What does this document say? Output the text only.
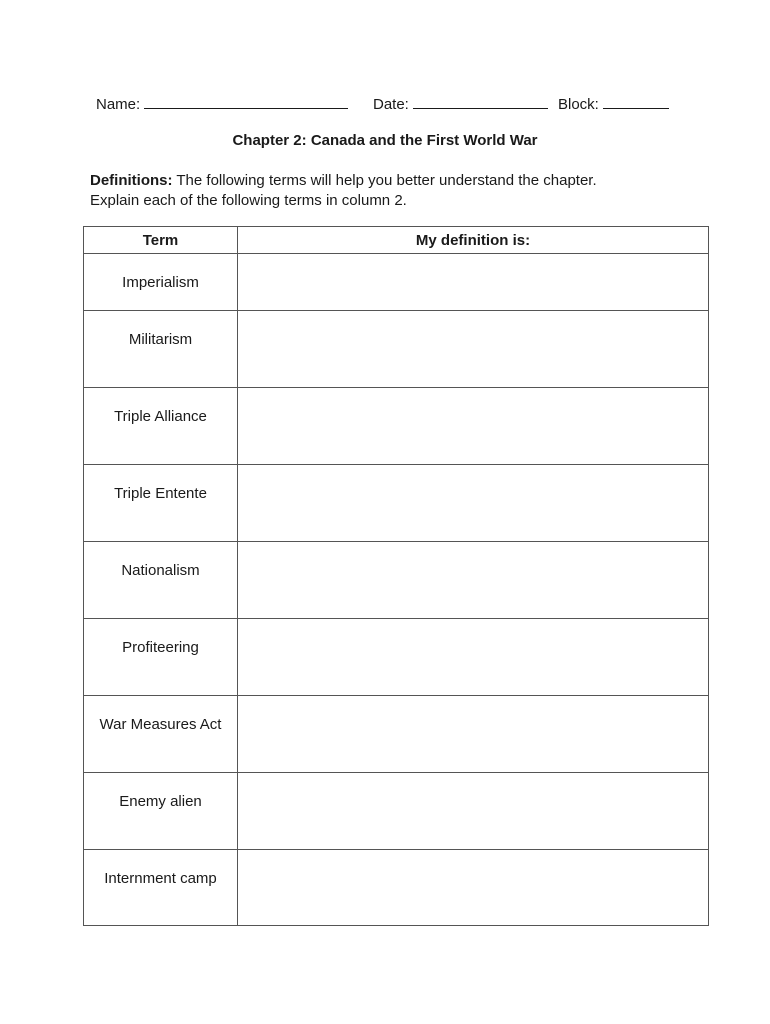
Name:	Date:	Block:
Chapter 2: Canada and the First World War
Definitions: The following terms will help you better understand the chapter.
Explain each of the following terms in column 2.
Term	My definition is:
Imperialism	
Militarism	
Triple Alliance	
Triple Entente	
Nationalism	
Profiteering	
War Measures Act	
Enemy alien	
Internment camp	
